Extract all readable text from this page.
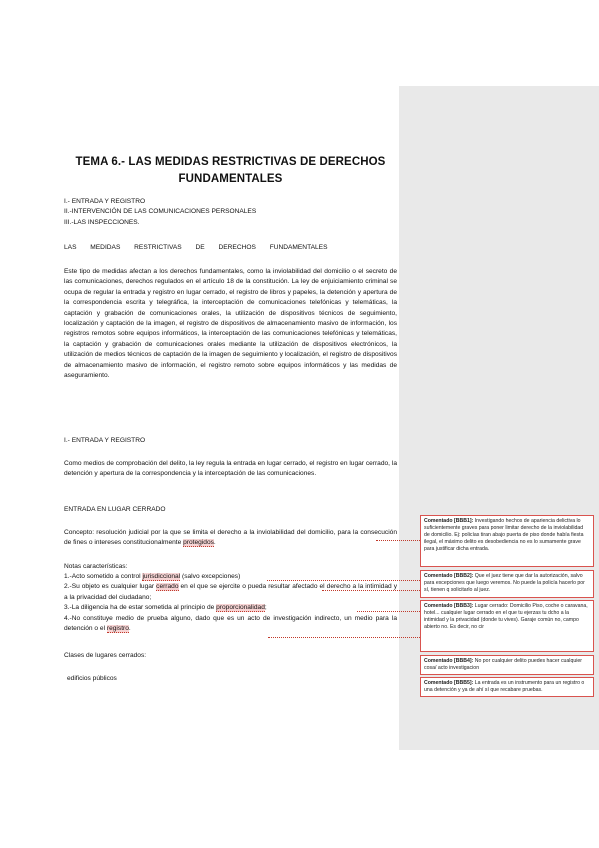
TEMA 6.- LAS MEDIDAS RESTRICTIVAS DE DERECHOS
FUNDAMENTALES
I.- ENTRADA Y REGISTRO
II.-INTERVENCIÓN DE LAS COMUNICACIONES PERSONALES
III.-LAS INSPECCIONES.
LAS MEDIDAS RESTRICTIVAS DE DERECHOS FUNDAMENTALES
Este tipo de medidas afectan a los derechos fundamentales, como la inviolabilidad del domicilio o el secreto de las comunicaciones, derechos regulados en el artículo 18 de la constitución. La ley de enjuiciamiento criminal se ocupa de regular la entrada y registro en lugar cerrado, el registro de libros y papeles, la detención y apertura de la correspondencia escrita y telegráfica, la interceptación de comunicaciones telefónicas y telemáticas, la captación y grabación de comunicaciones orales, la utilización de dispositivos técnicos de seguimiento, localización y captación de la imagen, el registro de dispositivos de almacenamiento masivo de información, los registros remotos sobre equipos informáticos, la interceptación de las comunicaciones telefónicas y telemáticas, la captación y grabación de comunicaciones orales mediante la utilización de dispositivos electrónicos, la utilización de medios técnicos de captación de la imagen de seguimiento y localización, el registro de dispositivos de almacenamiento masivo de información, el registro remoto sobre equipos informáticos y las medidas de aseguramiento.
I.- ENTRADA Y REGISTRO
Como medios de comprobación del delito, la ley regula la entrada en lugar cerrado, el registro en lugar cerrado, la detención y apertura de la correspondencia y la interceptación de las comunicaciones.
ENTRADA EN LUGAR CERRADO
Concepto: resolución judicial por la que se limita el derecho a la inviolabilidad del domicilio, para la consecución de fines o intereses constitucionalmente protegidos.
Notas características:
1.-Acto sometido a control jurisdiccional (salvo excepciones)
2.-Su objeto es cualquier lugar cerrado en el que se ejercite o pueda resultar afectado el derecho a la intimidad y a la privacidad del ciudadano;
3.-La diligencia ha de estar sometida al principio de proporcionalidad;
4.-No constituye medio de prueba alguno, dado que es un acto de investigación indirecto, un medio para la detención o el registro.
Clases de lugares cerrados:
edificios públicos
Comentado [BBB1]: Investigando hechos de apariencia delictiva lo suficientemente graves para poner limitar derecho de la inviolabilidad de domicilio. Ej: policías tiran abajo puerta de piso donde había fiesta ilegal, el máximo delito es desobediencia no es lo sumamente grave para justificar dicha entrada.
Comentado [BBB2]: Que el juez tiene que dar la autorización, salvo para excepciones que luego veremos. No puede la policía hacerlo por sí, tienen q solicitarlo al juez.
Comentado [BBB3]: Lugar cerrado: Domicilio Piso, coche o caravana, hotel... cualquier lugar cerrado en el que tu ejerzas tu dcho a la intimidad y la privacidad (donde tu vives). Garaje común no, campo abierto no. Es decir, no cir
Comentado [BBB4]: No por cualquier delito puedes hacer cualquier cosa/ acto investigacion
Comentado [BBB5]: La entrada es un instrumento para un registro o una detención y ya de ahí sí que recabare pruebas.
